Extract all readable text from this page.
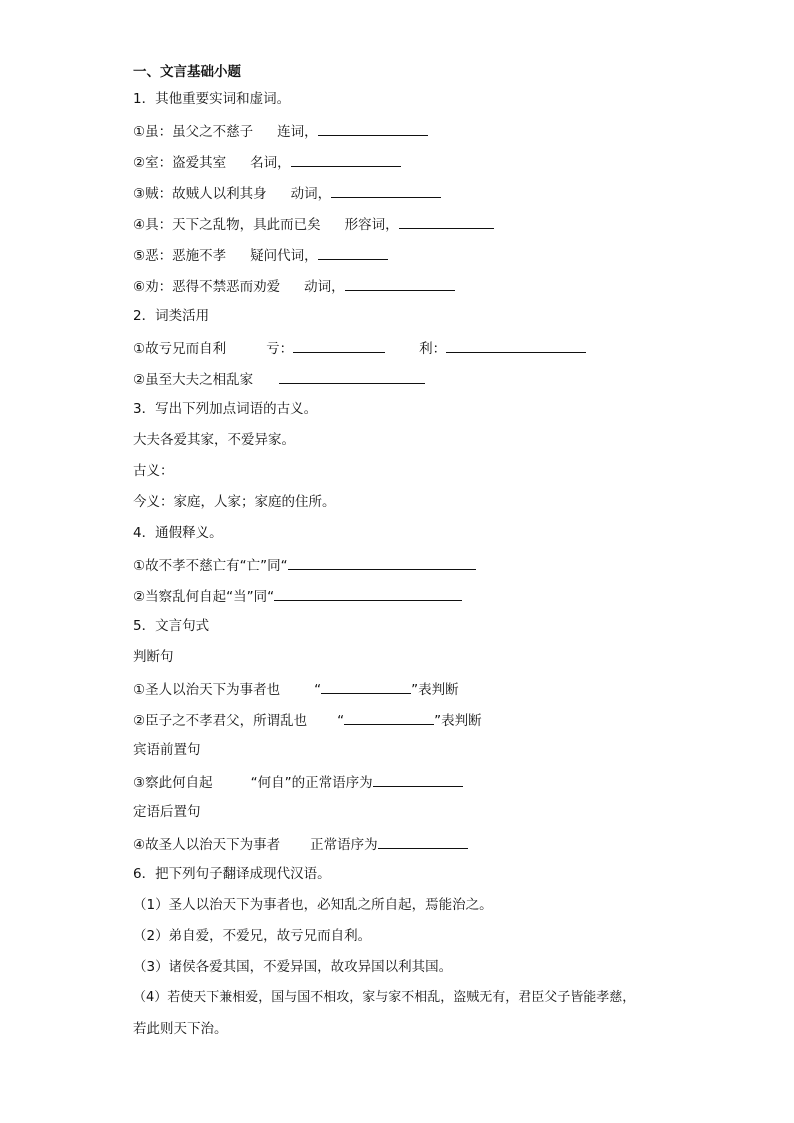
一、文言基础小题
1．其他重要实词和虚词。
①虽：虽父之不慈子 连词，
②室：盗爱其室 名词，
③贼：故贼人以利其身 动词，
④具：天下之乱物，具此而已矣 形容词，
⑤恶：恶施不孝 疑问代词，
⑥劝：恶得不禁恶而劝爱 动词，
2．词类活用
①故亏兄而自利	亏：	利：
②虽至大夫之相乱家
3．写出下列加点词语的古义。
大夫各爱其家，不爱异家。
古义：
今义：家庭，人家；家庭的住所。
4．通假释义。
①故不孝不慈亡有“亡”同“
②当察乱何自起“当”同“
5．文言句式
判断句
①圣人以治天下为事者也	“	”表判断
②臣子之不孝君父，所谓乱也 “	”表判断
宾语前置句
③察此何自起	“何自”的正常语序为
定语后置句
④故圣人以治天下为事者 正常语序为
6．把下列句子翻译成现代汉语。
（1）圣人以治天下为事者也，必知乱之所自起，焉能治之。
（2）弟自爱，不爱兄，故亏兄而自利。
（3）诸侯各爱其国，不爱异国，故攻异国以利其国。
（4）若使天下兼相爱，国与国不相攻，家与家不相乱，盗贼无有，君臣父子皆能孝慈，
若此则天下治。
